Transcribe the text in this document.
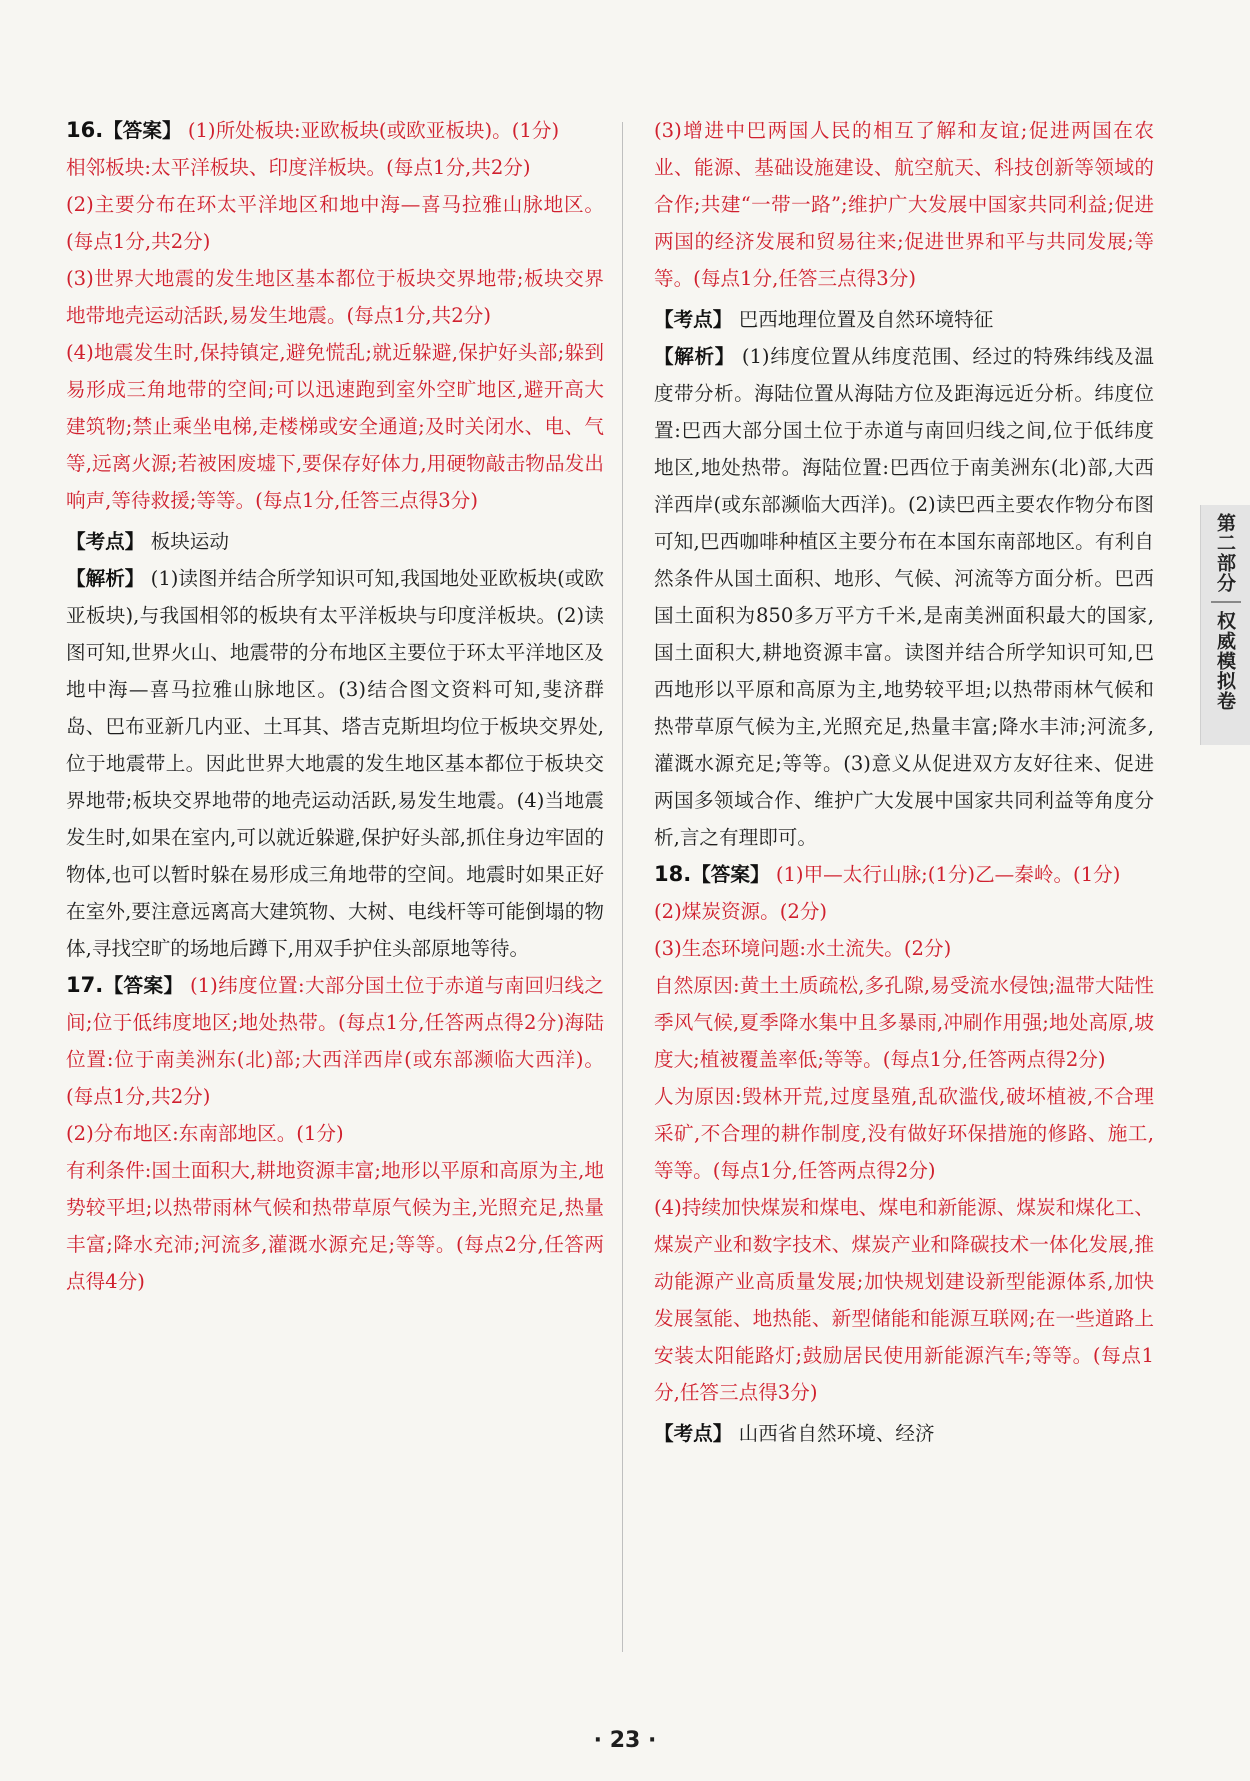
16.【答案】 (1)所处板块:亚欧板块(或欧亚板块)。(1分)

相邻板块:太平洋板块、印度洋板块。(每点1分,共2分)

(2)主要分布在环太平洋地区和地中海—喜马拉雅山脉地区。(每点1分,共2分)

(3)世界大地震的发生地区基本都位于板块交界地带;板块交界地带地壳运动活跃,易发生地震。(每点1分,共2分)

(4)地震发生时,保持镇定,避免慌乱;就近躲避,保护好头部;躲到易形成三角地带的空间;可以迅速跑到室外空旷地区,避开高大建筑物;禁止乘坐电梯,走楼梯或安全通道;及时关闭水、电、气等,远离火源;若被困废墟下,要保存好体力,用硬物敲击物品发出响声,等待救援;等等。(每点1分,任答三点得3分)

【考点】 板块运动

【解析】 (1)读图并结合所学知识可知,我国地处亚欧板块(或欧亚板块),与我国相邻的板块有太平洋板块与印度洋板块。(2)读图可知,世界火山、地震带的分布地区主要位于环太平洋地区及地中海—喜马拉雅山脉地区。(3)结合图文资料可知,斐济群岛、巴布亚新几内亚、土耳其、塔吉克斯坦均位于板块交界处,位于地震带上。因此世界大地震的发生地区基本都位于板块交界地带;板块交界地带的地壳运动活跃,易发生地震。(4)当地震发生时,如果在室内,可以就近躲避,保护好头部,抓住身边牢固的物体,也可以暂时躲在易形成三角地带的空间。地震时如果正好在室外,要注意远离高大建筑物、大树、电线杆等可能倒塌的物体,寻找空旷的场地后蹲下,用双手护住头部原地等待。

17.【答案】 (1)纬度位置:大部分国土位于赤道与南回归线之间;位于低纬度地区;地处热带。(每点1分,任答两点得2分)海陆位置:位于南美洲东(北)部;大西洋西岸(或东部濒临大西洋)。(每点1分,共2分)

(2)分布地区:东南部地区。(1分)

有利条件:国土面积大,耕地资源丰富;地形以平原和高原为主,地势较平坦;以热带雨林气候和热带草原气候为主,光照充足,热量丰富;降水充沛;河流多,灌溉水源充足;等等。(每点2分,任答两点得4分)

(3)增进中巴两国人民的相互了解和友谊;促进两国在农业、能源、基础设施建设、航空航天、科技创新等领域的合作;共建“一带一路”;维护广大发展中国家共同利益;促进两国的经济发展和贸易往来;促进世界和平与共同发展;等等。(每点1分,任答三点得3分)

【考点】 巴西地理位置及自然环境特征

【解析】 (1)纬度位置从纬度范围、经过的特殊纬线及温度带分析。海陆位置从海陆方位及距海远近分析。纬度位置:巴西大部分国土位于赤道与南回归线之间,位于低纬度地区,地处热带。海陆位置:巴西位于南美洲东(北)部,大西洋西岸(或东部濒临大西洋)。(2)读巴西主要农作物分布图可知,巴西咖啡种植区主要分布在本国东南部地区。有利自然条件从国土面积、地形、气候、河流等方面分析。巴西国土面积为850多万平方千米,是南美洲面积最大的国家,国土面积大,耕地资源丰富。读图并结合所学知识可知,巴西地形以平原和高原为主,地势较平坦;以热带雨林气候和热带草原气候为主,光照充足,热量丰富;降水丰沛;河流多,灌溉水源充足;等等。(3)意义从促进双方友好往来、促进两国多领域合作、维护广大发展中国家共同利益等角度分析,言之有理即可。

18.【答案】 (1)甲—太行山脉;(1分)乙—秦岭。(1分)

(2)煤炭资源。(2分)

(3)生态环境问题:水土流失。(2分)

自然原因:黄土土质疏松,多孔隙,易受流水侵蚀;温带大陆性季风气候,夏季降水集中且多暴雨,冲刷作用强;地处高原,坡度大;植被覆盖率低;等等。(每点1分,任答两点得2分)

人为原因:毁林开荒,过度垦殖,乱砍滥伐,破坏植被,不合理采矿,不合理的耕作制度,没有做好环保措施的修路、施工,等等。(每点1分,任答两点得2分)

(4)持续加快煤炭和煤电、煤电和新能源、煤炭和煤化工、煤炭产业和数字技术、煤炭产业和降碳技术一体化发展,推动能源产业高质量发展;加快规划建设新型能源体系,加快发展氢能、地热能、新型储能和能源互联网;在一些道路上安装太阳能路灯;鼓励居民使用新能源汽车;等等。(每点1分,任答三点得3分)

【考点】 山西省自然环境、经济

第二部分
权威模拟卷
· 23 ·
